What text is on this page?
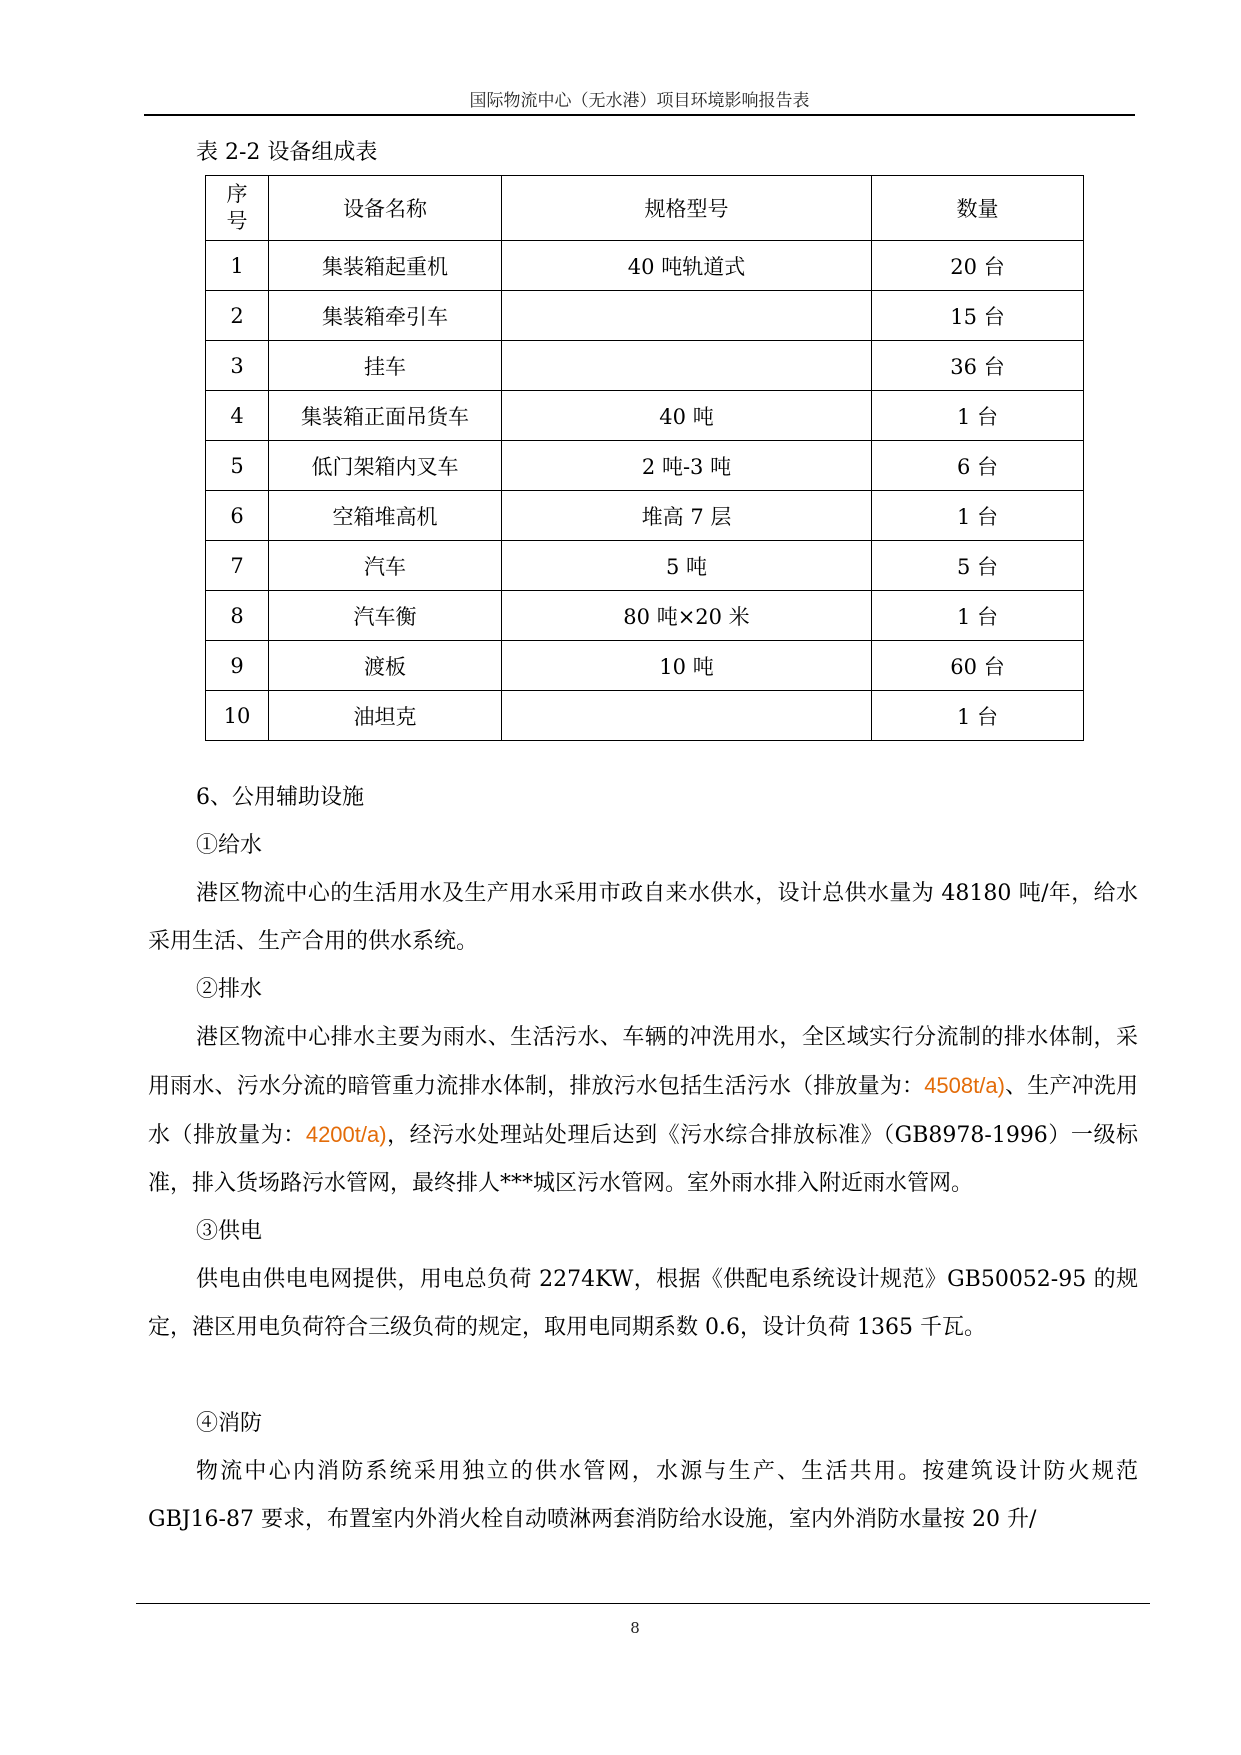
国际物流中心（无水港）项目环境影响报告表
表 2-2 设备组成表
序号	设备名称	规格型号	数量
1	集装箱起重机	40 吨轨道式	20 台
2	集装箱牵引车		15 台
3	挂车		36 台
4	集装箱正面吊货车	40 吨	1 台
5	低门架箱内叉车	2 吨-3 吨	6 台
6	空箱堆高机	堆高 7 层	1 台
7	汽车	5 吨	5 台
8	汽车衡	80 吨×20 米	1 台
9	渡板	10 吨	60 台
10	油坦克		1 台

6、公用辅助设施

①给水

港区物流中心的生活用水及生产用水采用市政自来水供水，设计总供水量为 48180 吨/年，给水采用生活、生产合用的供水系统。

②排水

港区物流中心排水主要为雨水、生活污水、车辆的冲洗用水，全区域实行分流制的排水体制，采用雨水、污水分流的暗管重力流排水体制，排放污水包括生活污水（排放量为：4508t/a)、生产冲洗用水（排放量为：4200t/a)，经污水处理站处理后达到《污水综合排放标准》（GB8978-1996）一级标准，排入货场路污水管网，最终排人***城区污水管网。室外雨水排入附近雨水管网。

③供电

供电由供电电网提供，用电总负荷 2274KW，根据《供配电系统设计规范》GB50052-95 的规定，港区用电负荷符合三级负荷的规定，取用电同期系数 0.6，设计负荷 1365 千瓦。

④消防

物流中心内消防系统采用独立的供水管网，水源与生产、生活共用。按建筑设计防火规范 GBJ16-87 要求，布置室内外消火栓自动喷淋两套消防给水设施，室内外消防水量按 20 升/

8
